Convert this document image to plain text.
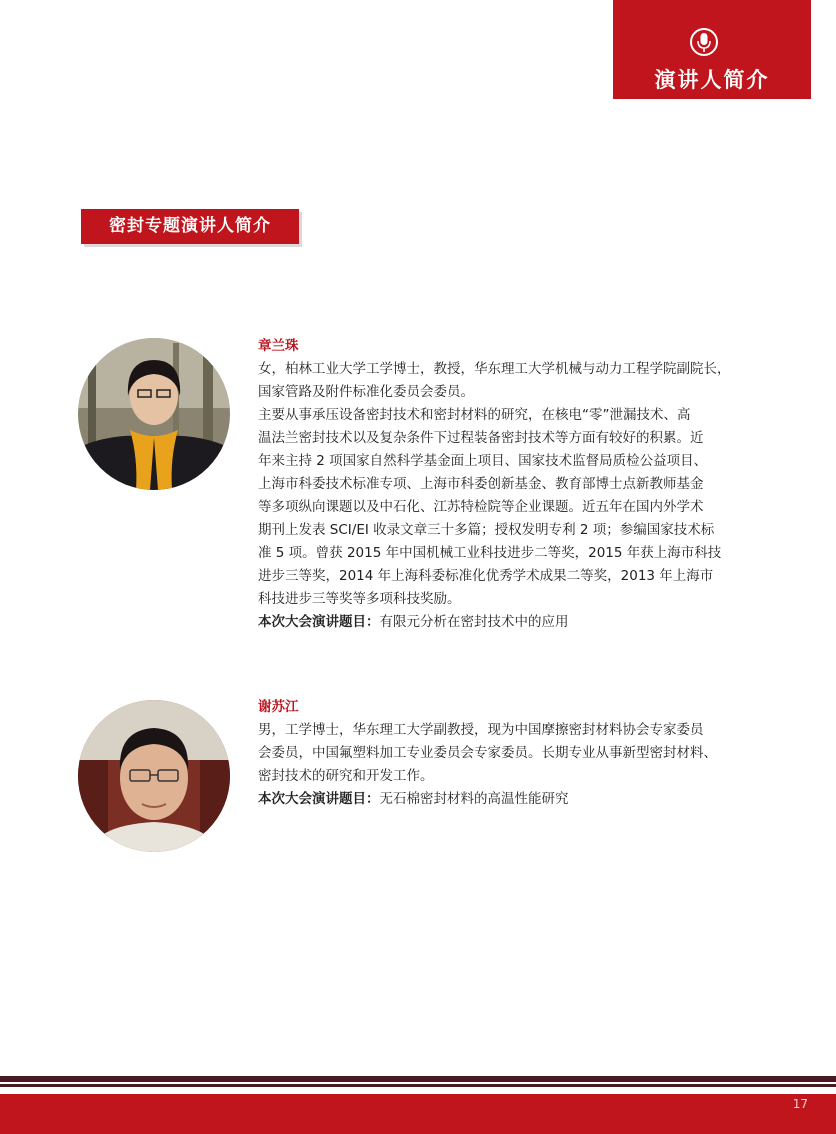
演讲人简介
密封专题演讲人简介

章兰珠

女，柏林工业大学工学博士，教授，华东理工大学机械与动力工程学院副院长，

国家管路及附件标准化委员会委员。

主要从事承压设备密封技术和密封材料的研究，在核电“零”泄漏技术、高

温法兰密封技术以及复杂条件下过程装备密封技术等方面有较好的积累。近

年来主持 2 项国家自然科学基金面上项目、国家技术监督局质检公益项目、

上海市科委技术标准专项、上海市科委创新基金、教育部博士点新教师基金

等多项纵向课题以及中石化、江苏特检院等企业课题。近五年在国内外学术

期刊上发表 SCI/EI 收录文章三十多篇；授权发明专利 2 项；参编国家技术标

准 5 项。曾获 2015 年中国机械工业科技进步二等奖，2015 年获上海市科技

进步三等奖，2014 年上海科委标准化优秀学术成果二等奖，2013 年上海市

科技进步三等奖等多项科技奖励。

本次大会演讲题目：有限元分析在密封技术中的应用

谢苏江

男，工学博士，华东理工大学副教授，现为中国摩擦密封材料协会专家委员

会委员，中国氟塑料加工专业委员会专家委员。长期专业从事新型密封材料、

密封技术的研究和开发工作。

本次大会演讲题目：无石棉密封材料的高温性能研究

17
